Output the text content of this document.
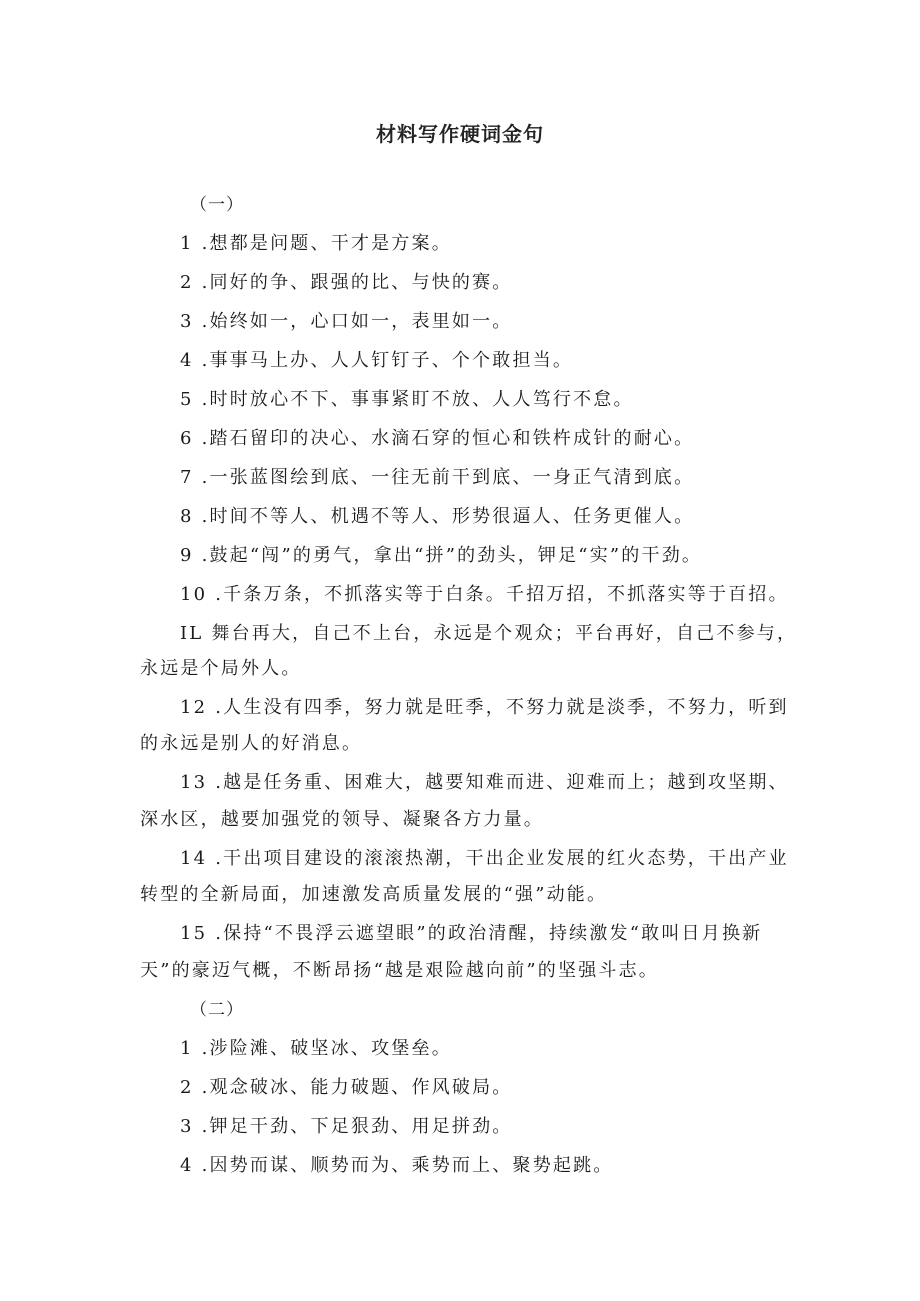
材料写作硬词金句
（一）
1 .想都是问题、干才是方案。
2 .同好的争、跟强的比、与快的赛。
3 .始终如一，心口如一，表里如一。
4 .事事马上办、人人钉钉子、个个敢担当。
5 .时时放心不下、事事紧盯不放、人人笃行不怠。
6 .踏石留印的决心、水滴石穿的恒心和铁杵成针的耐心。
7 .一张蓝图绘到底、一往无前干到底、一身正气清到底。
8 .时间不等人、机遇不等人、形势很逼人、任务更催人。
9 .鼓起“闯”的勇气，拿出“拼”的劲头，钾足“实”的干劲。
10 .千条万条，不抓落实等于白条。千招万招，不抓落实等于百招。
IL 舞台再大，自己不上台，永远是个观众；平台再好，自己不参与，
永远是个局外人。
12 .人生没有四季，努力就是旺季，不努力就是淡季，不努力，听到
的永远是别人的好消息。
13 .越是任务重、困难大，越要知难而进、迎难而上；越到攻坚期、
深水区，越要加强党的领导、凝聚各方力量。
14 .干出项目建设的滚滚热潮，干出企业发展的红火态势，干出产业
转型的全新局面，加速激发高质量发展的“强”动能。
15 .保持“不畏浮云遮望眼”的政治清醒，持续激发“敢叫日月换新
天”的豪迈气概，不断昂扬“越是艰险越向前”的坚强斗志。
（二）
1 .涉险滩、破坚冰、攻堡垒。
2 .观念破冰、能力破题、作风破局。
3 .钾足干劲、下足狠劲、用足拼劲。
4 .因势而谋、顺势而为、乘势而上、聚势起跳。
